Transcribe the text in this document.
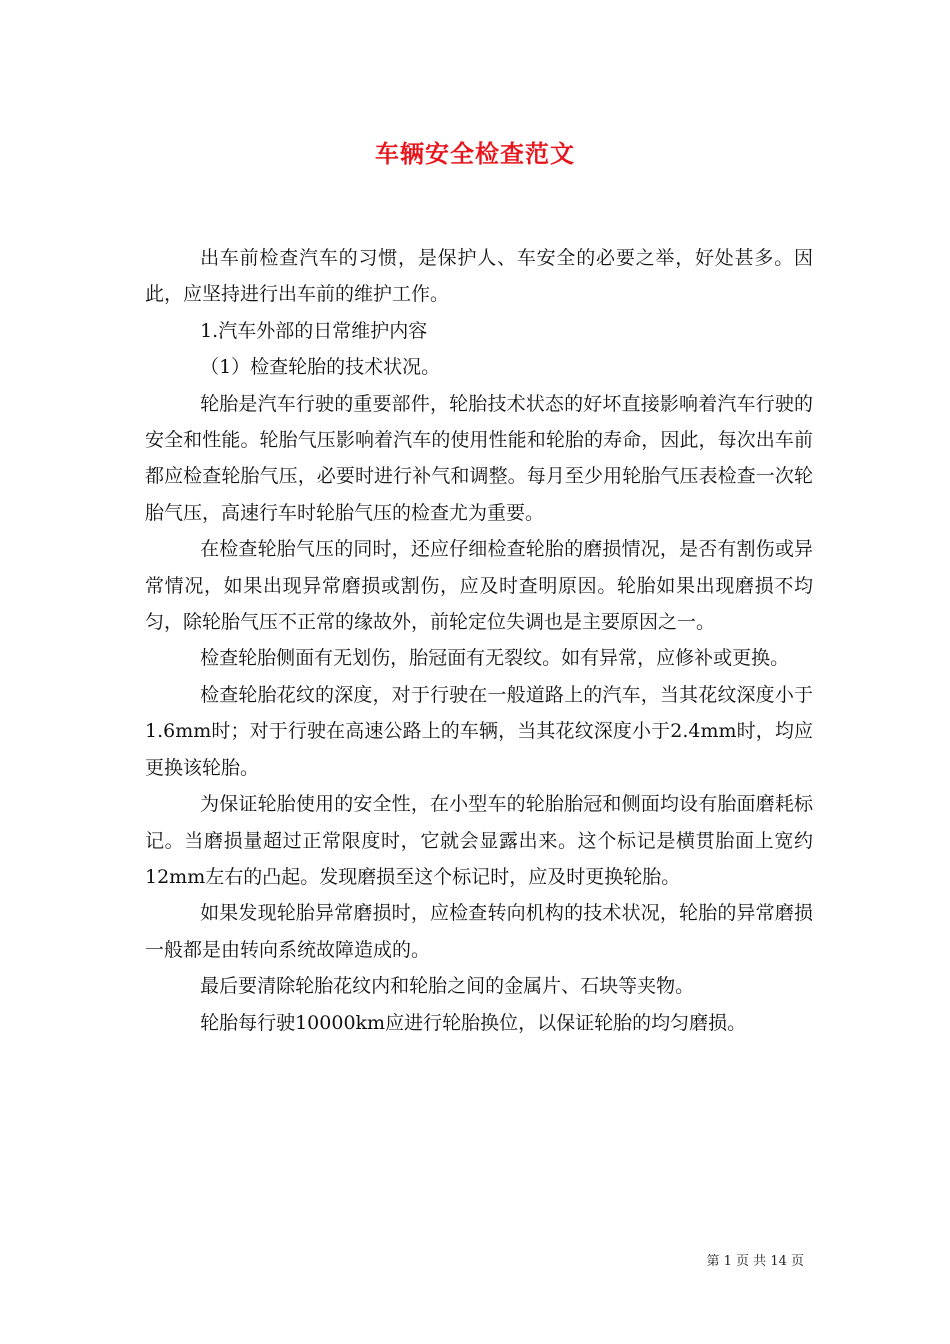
车辆安全检查范文

出车前检查汽车的习惯，是保护人、车安全的必要之举，好处甚多。因此，应坚持进行出车前的维护工作。

1.汽车外部的日常维护内容

（1）检查轮胎的技术状况。

轮胎是汽车行驶的重要部件，轮胎技术状态的好坏直接影响着汽车行驶的安全和性能。轮胎气压影响着汽车的使用性能和轮胎的寿命，因此，每次出车前都应检查轮胎气压，必要时进行补气和调整。每月至少用轮胎气压表检查一次轮胎气压，高速行车时轮胎气压的检查尤为重要。

在检查轮胎气压的同时，还应仔细检查轮胎的磨损情况，是否有割伤或异常情况，如果出现异常磨损或割伤，应及时查明原因。轮胎如果出现磨损不均匀，除轮胎气压不正常的缘故外，前轮定位失调也是主要原因之一。

检查轮胎侧面有无划伤，胎冠面有无裂纹。如有异常，应修补或更换。

检查轮胎花纹的深度，对于行驶在一般道路上的汽车，当其花纹深度小于1.6mm时；对于行驶在高速公路上的车辆，当其花纹深度小于2.4mm时，均应更换该轮胎。

为保证轮胎使用的安全性，在小型车的轮胎胎冠和侧面均设有胎面磨耗标记。当磨损量超过正常限度时，它就会显露出来。这个标记是横贯胎面上宽约12mm左右的凸起。发现磨损至这个标记时，应及时更换轮胎。

如果发现轮胎异常磨损时，应检查转向机构的技术状况，轮胎的异常磨损一般都是由转向系统故障造成的。

最后要清除轮胎花纹内和轮胎之间的金属片、石块等夹物。

轮胎每行驶10000km应进行轮胎换位，以保证轮胎的均匀磨损。

第 1 页 共 14 页
